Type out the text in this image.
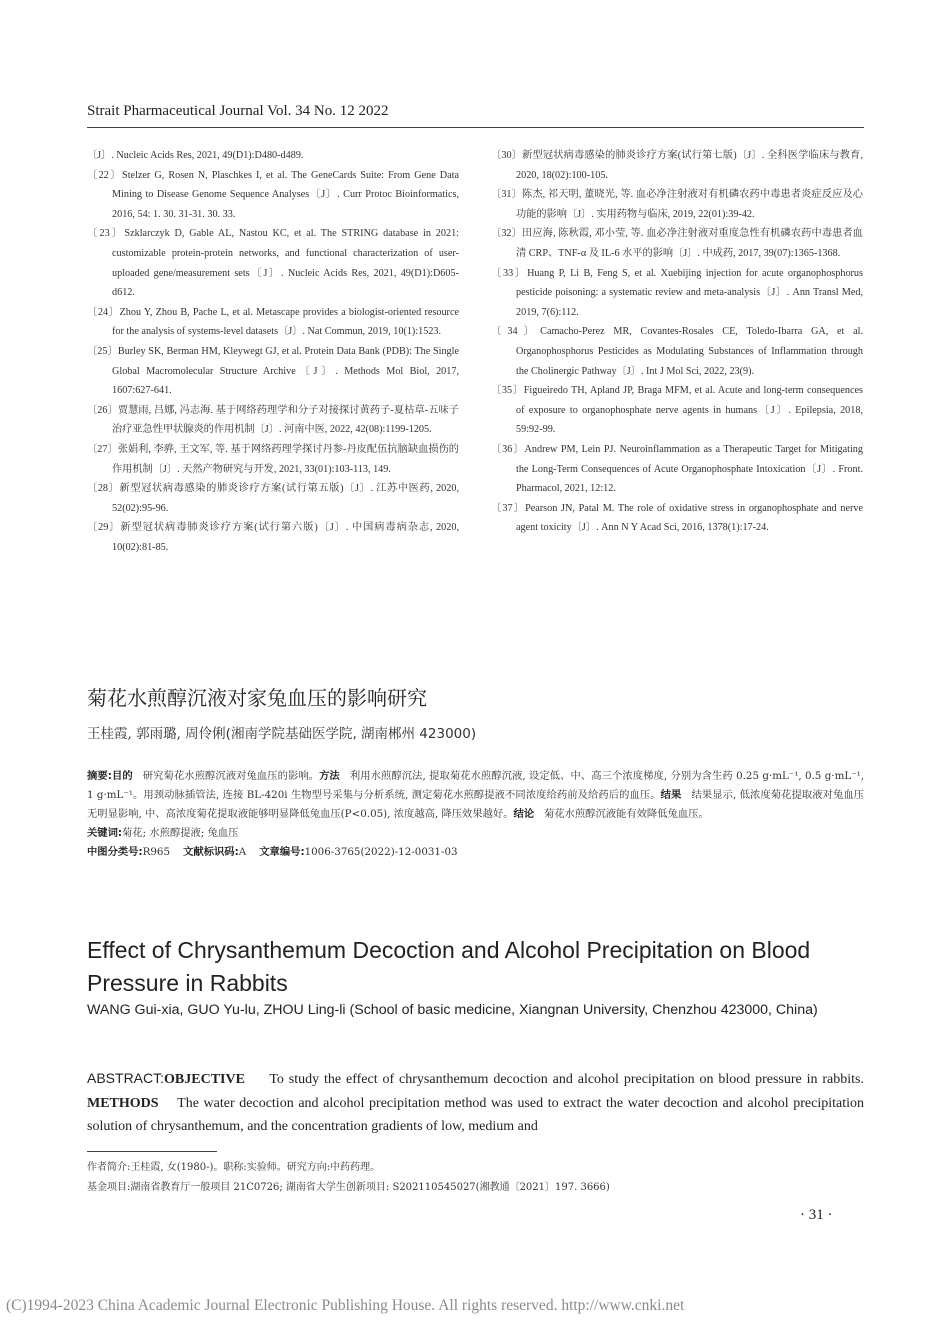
Strait Pharmaceutical Journal Vol. 34 No. 12 2022
〔J〕. Nucleic Acids Res, 2021, 49(D1):D480-d489.
〔22〕Stelzer G, Rosen N, Plaschkes I, et al. The GeneCards Suite: From Gene Data Mining to Disease Genome Sequence Analyses〔J〕. Curr Protoc Bioinformatics, 2016, 54: 1. 30. 31-31. 30. 33.
〔23〕Szklarczyk D, Gable AL, Nastou KC, et al. The STRING database in 2021: customizable protein-protein networks, and functional characterization of user-uploaded gene/measurement sets〔J〕. Nucleic Acids Res, 2021, 49(D1):D605-d612.
〔24〕Zhou Y, Zhou B, Pache L, et al. Metascape provides a biologist-oriented resource for the analysis of systems-level datasets〔J〕. Nat Commun, 2019, 10(1):1523.
〔25〕Burley SK, Berman HM, Kleywegt GJ, et al. Protein Data Bank (PDB): The Single Global Macromolecular Structure Archive〔J〕. Methods Mol Biol, 2017, 1607:627-641.
〔26〕贾慧雨, 吕娜, 冯志海. 基于网络药理学和分子对接探讨黄药子-夏枯草-五味子治疗亚急性甲状腺炎的作用机制〔J〕. 河南中医, 2022, 42(08):1199-1205.
〔27〕张娟利, 李骅, 王文军, 等. 基于网络药理学探讨丹参-丹皮配伍抗脑缺血损伤的作用机制〔J〕. 天然产物研究与开发, 2021, 33(01):103-113, 149.
〔28〕新型冠状病毒感染的肺炎诊疗方案(试行第五版)〔J〕. 江苏中医药, 2020, 52(02):95-96.
〔29〕新型冠状病毒肺炎诊疗方案(试行第六版)〔J〕. 中国病毒病杂志, 2020, 10(02):81-85.
〔30〕新型冠状病毒感染的肺炎诊疗方案(试行第七版)〔J〕. 全科医学临床与教育, 2020, 18(02):100-105.
〔31〕陈杰, 祁天明, 董晓光, 等. 血必净注射液对有机磷农药中毒患者炎症反应及心功能的影响〔J〕. 实用药物与临床, 2019, 22(01):39-42.
〔32〕田应海, 陈秋霞, 邓小莹, 等. 血必净注射液对重度急性有机磷农药中毒患者血清 CRP、TNF-α 及 IL-6 水平的影响〔J〕. 中成药, 2017, 39(07):1365-1368.
〔33〕Huang P, Li B, Feng S, et al. Xuebijing injection for acute organophosphorus pesticide poisoning: a systematic review and meta-analysis〔J〕. Ann Transl Med, 2019, 7(6):112.
〔34〕Camacho-Perez MR, Covantes-Rosales CE, Toledo-Ibarra GA, et al. Organophosphorus Pesticides as Modulating Substances of Inflammation through the Cholinergic Pathway〔J〕. Int J Mol Sci, 2022, 23(9).
〔35〕Figueiredo TH, Apland JP, Braga MFM, et al. Acute and long-term consequences of exposure to organophosphate nerve agents in humans〔J〕. Epilepsia, 2018, 59:92-99.
〔36〕Andrew PM, Lein PJ. Neuroinflammation as a Therapeutic Target for Mitigating the Long-Term Consequences of Acute Organophosphate Intoxication〔J〕. Front. Pharmacol, 2021, 12:12.
〔37〕Pearson JN, Patal M. The role of oxidative stress in organophosphate and nerve agent toxicity〔J〕. Ann N Y Acad Sci, 2016, 1378(1):17-24.
菊花水煎醇沉液对家兔血压的影响研究
王桂霞, 郭雨璐, 周伶俐(湘南学院基础医学院, 湖南郴州 423000)
摘要:目的 研究菊花水煎醇沉液对兔血压的影响。方法 利用水煎醇沉法, 提取菊花水煎醇沉液, 设定低、中、高三个浓度梯度, 分别为含生药 0.25 g·mL⁻¹, 0.5 g·mL⁻¹, 1 g·mL⁻¹。用颈动脉插管法, 连接 BL-420i 生物型号采集与分析系统, 测定菊花水煎醇提液不同浓度给药前及给药后的血压。结果 结果显示, 低浓度菊花提取液对兔血压无明显影响, 中、高浓度菊花提取液能够明显降低兔血压(P<0.05), 浓度越高, 降压效果越好。结论 菊花水煎醇沉液能有效降低兔血压。
关键词:菊花; 水煎醇提液; 兔血压
中图分类号:R965 文献标识码:A 文章编号:1006-3765(2022)-12-0031-03
Effect of Chrysanthemum Decoction and Alcohol Precipitation on Blood Pressure in Rabbits
WANG Gui-xia, GUO Yu-lu, ZHOU Ling-li (School of basic medicine, Xiangnan University, Chenzhou 423000, China)
ABSTRACT:OBJECTIVE To study the effect of chrysanthemum decoction and alcohol precipitation on blood pressure in rabbits. METHODS The water decoction and alcohol precipitation method was used to extract the water decoction and alcohol precipitation solution of chrysanthemum, and the concentration gradients of low, medium and
作者简介:王桂霞, 女(1980-)。职称:实验师。研究方向:中药药理。
基金项目:湖南省教育厅一般项目 21C0726; 湖南省大学生创新项目: S202110545027(湘教通〔2021〕197. 3666)
· 31 ·
(C)1994-2023 China Academic Journal Electronic Publishing House. All rights reserved. http://www.cnki.net
